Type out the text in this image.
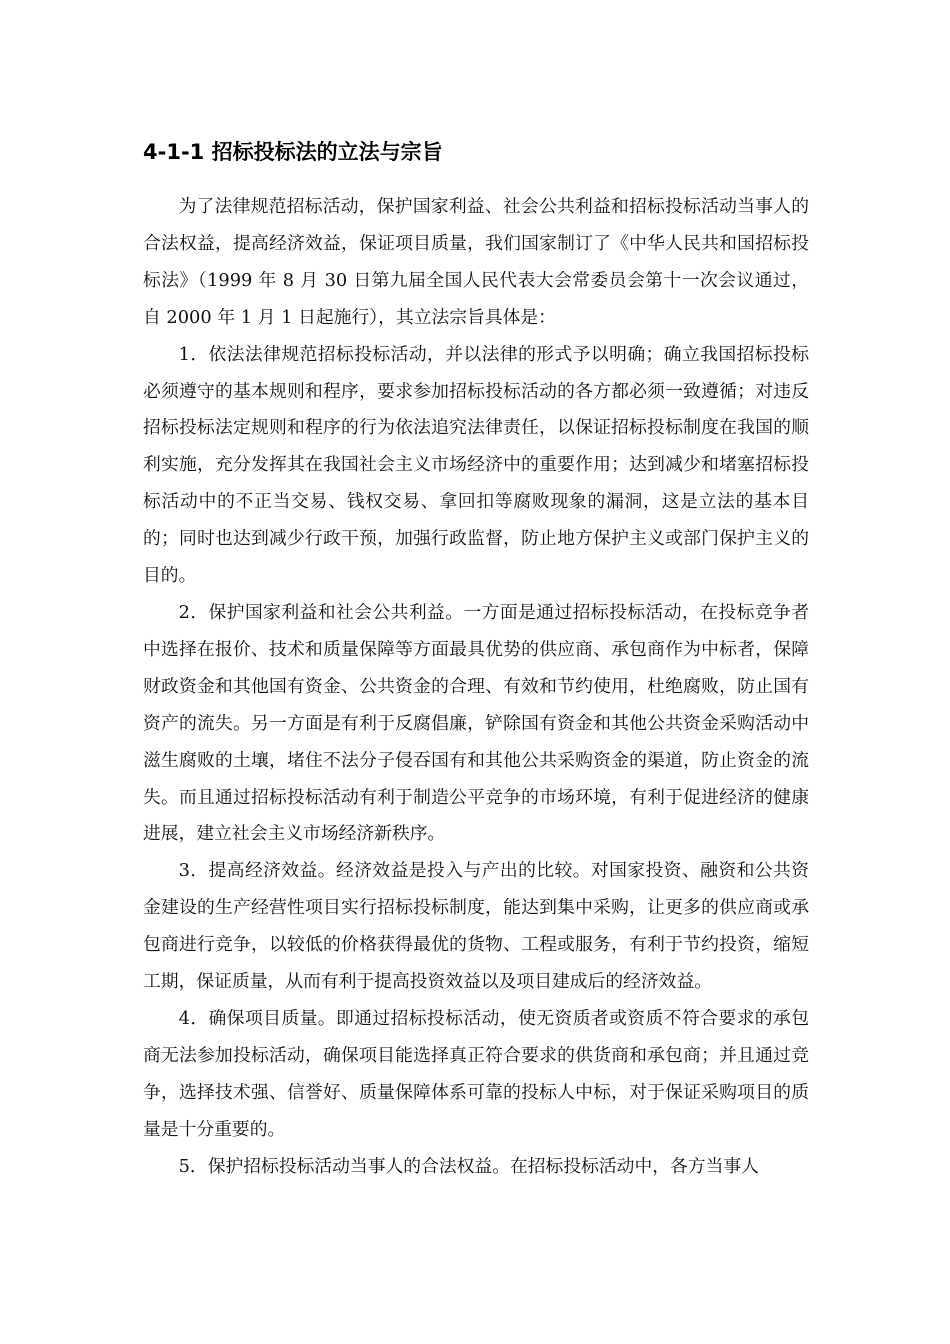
4-1-1 招标投标法的立法与宗旨

为了法律规范招标活动，保护国家利益、社会公共利益和招标投标活动当事人的合法权益，提高经济效益，保证项目质量，我们国家制订了《中华人民共和国招标投标法》（1999 年 8 月 30 日第九届全国人民代表大会常委员会第十一次会议通过，自 2000 年 1 月 1 日起施行），其立法宗旨具体是：

1．依法法律规范招标投标活动，并以法律的形式予以明确；确立我国招标投标必须遵守的基本规则和程序，要求参加招标投标活动的各方都必须一致遵循；对违反招标投标法定规则和程序的行为依法追究法律责任，以保证招标投标制度在我国的顺利实施，充分发挥其在我国社会主义市场经济中的重要作用；达到减少和堵塞招标投标活动中的不正当交易、钱权交易、拿回扣等腐败现象的漏洞，这是立法的基本目的；同时也达到减少行政干预，加强行政监督，防止地方保护主义或部门保护主义的目的。

2．保护国家利益和社会公共利益。一方面是通过招标投标活动，在投标竞争者中选择在报价、技术和质量保障等方面最具优势的供应商、承包商作为中标者，保障财政资金和其他国有资金、公共资金的合理、有效和节约使用，杜绝腐败，防止国有资产的流失。另一方面是有利于反腐倡廉，铲除国有资金和其他公共资金采购活动中滋生腐败的土壤，堵住不法分子侵吞国有和其他公共采购资金的渠道，防止资金的流失。而且通过招标投标活动有利于制造公平竞争的市场环境，有利于促进经济的健康进展，建立社会主义市场经济新秩序。

3．提高经济效益。经济效益是投入与产出的比较。对国家投资、融资和公共资金建设的生产经营性项目实行招标投标制度，能达到集中采购，让更多的供应商或承包商进行竞争，以较低的价格获得最优的货物、工程或服务，有利于节约投资，缩短工期，保证质量，从而有利于提高投资效益以及项目建成后的经济效益。

4．确保项目质量。即通过招标投标活动，使无资质者或资质不符合要求的承包商无法参加投标活动，确保项目能选择真正符合要求的供货商和承包商；并且通过竞争，选择技术强、信誉好、质量保障体系可靠的投标人中标，对于保证采购项目的质量是十分重要的。

5．保护招标投标活动当事人的合法权益。在招标投标活动中，各方当事人
